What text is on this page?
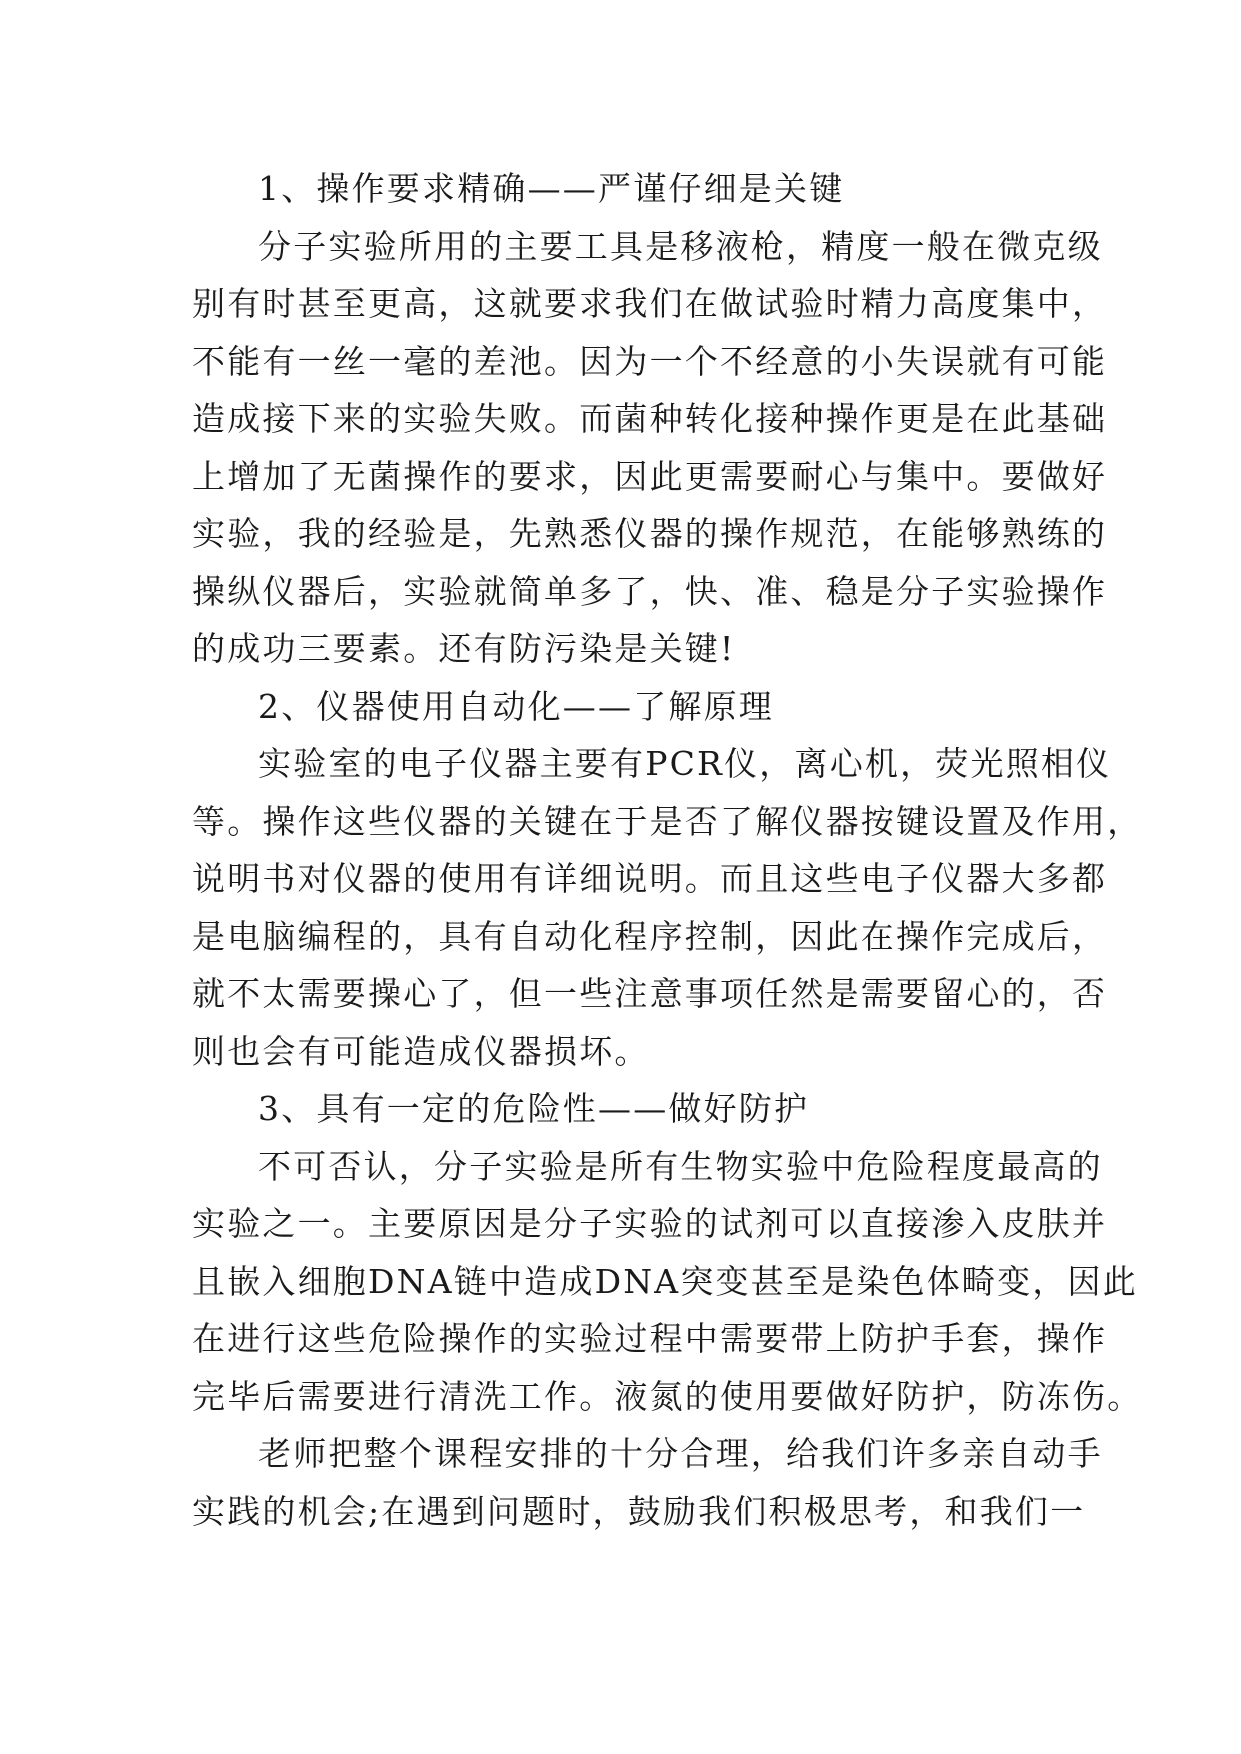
1、操作要求精确——严谨仔细是关键
分子实验所用的主要工具是移液枪，精度一般在微克级
别有时甚至更高，这就要求我们在做试验时精力高度集中，
不能有一丝一毫的差池。因为一个不经意的小失误就有可能
造成接下来的实验失败。而菌种转化接种操作更是在此基础
上增加了无菌操作的要求，因此更需要耐心与集中。要做好
实验，我的经验是，先熟悉仪器的操作规范，在能够熟练的
操纵仪器后，实验就简单多了，快、准、稳是分子实验操作
的成功三要素。还有防污染是关键!
2、仪器使用自动化——了解原理
实验室的电子仪器主要有PCR仪，离心机，荧光照相仪
等。操作这些仪器的关键在于是否了解仪器按键设置及作用，
说明书对仪器的使用有详细说明。而且这些电子仪器大多都
是电脑编程的，具有自动化程序控制，因此在操作完成后，
就不太需要操心了，但一些注意事项任然是需要留心的，否
则也会有可能造成仪器损坏。
3、具有一定的危险性——做好防护
不可否认，分子实验是所有生物实验中危险程度最高的
实验之一。主要原因是分子实验的试剂可以直接渗入皮肤并
且嵌入细胞DNA链中造成DNA突变甚至是染色体畸变，因此
在进行这些危险操作的实验过程中需要带上防护手套，操作
完毕后需要进行清洗工作。液氮的使用要做好防护，防冻伤。
老师把整个课程安排的十分合理，给我们许多亲自动手
实践的机会;在遇到问题时，鼓励我们积极思考，和我们一
